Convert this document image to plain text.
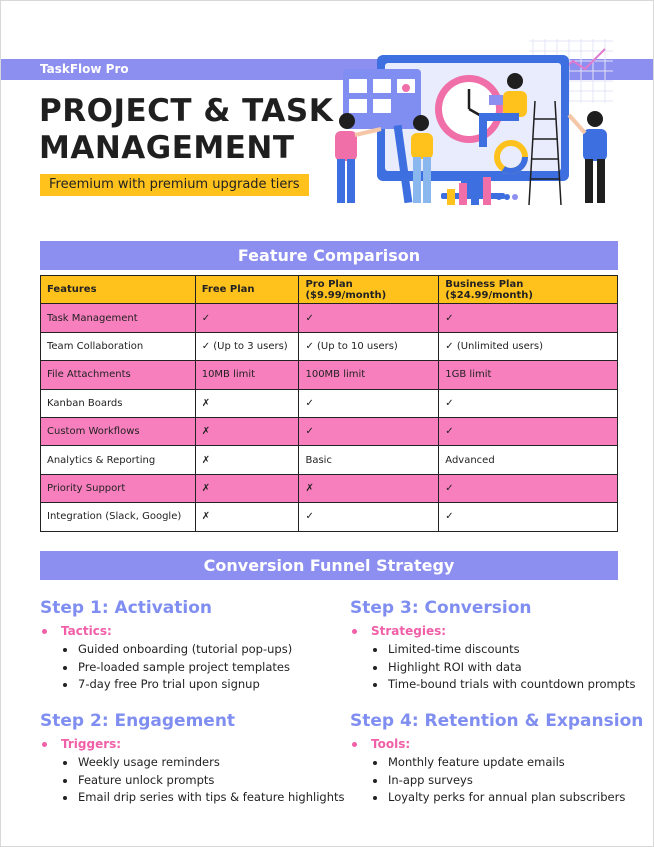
TaskFlow Pro
PROJECT & TASK
MANAGEMENT
Freemium with premium upgrade tiers
Feature Comparison
Features	Free Plan	Pro Plan ($9.99/month)	Business Plan ($24.99/month)
Task Management	✓	✓	✓
Team Collaboration	✓ (Up to 3 users)	✓ (Up to 10 users)	✓ (Unlimited users)
File Attachments	10MB limit	100MB limit	1GB limit
Kanban Boards	✗	✓	✓
Custom Workflows	✗	✓	✓
Analytics & Reporting	✗	Basic	Advanced
Priority Support	✗	✗	✓
Integration (Slack, Google)	✗	✓	✓
Conversion Funnel Strategy
Step 1: Activation
Tactics:
Guided onboarding (tutorial pop-ups)
Pre-loaded sample project templates
7-day free Pro trial upon signup
Step 2: Engagement
Triggers:
Weekly usage reminders
Feature unlock prompts
Email drip series with tips & feature highlights
Step 3: Conversion
Strategies:
Limited-time discounts
Highlight ROI with data
Time-bound trials with countdown prompts
Step 4: Retention & Expansion
Tools:
Monthly feature update emails
In-app surveys
Loyalty perks for annual plan subscribers
